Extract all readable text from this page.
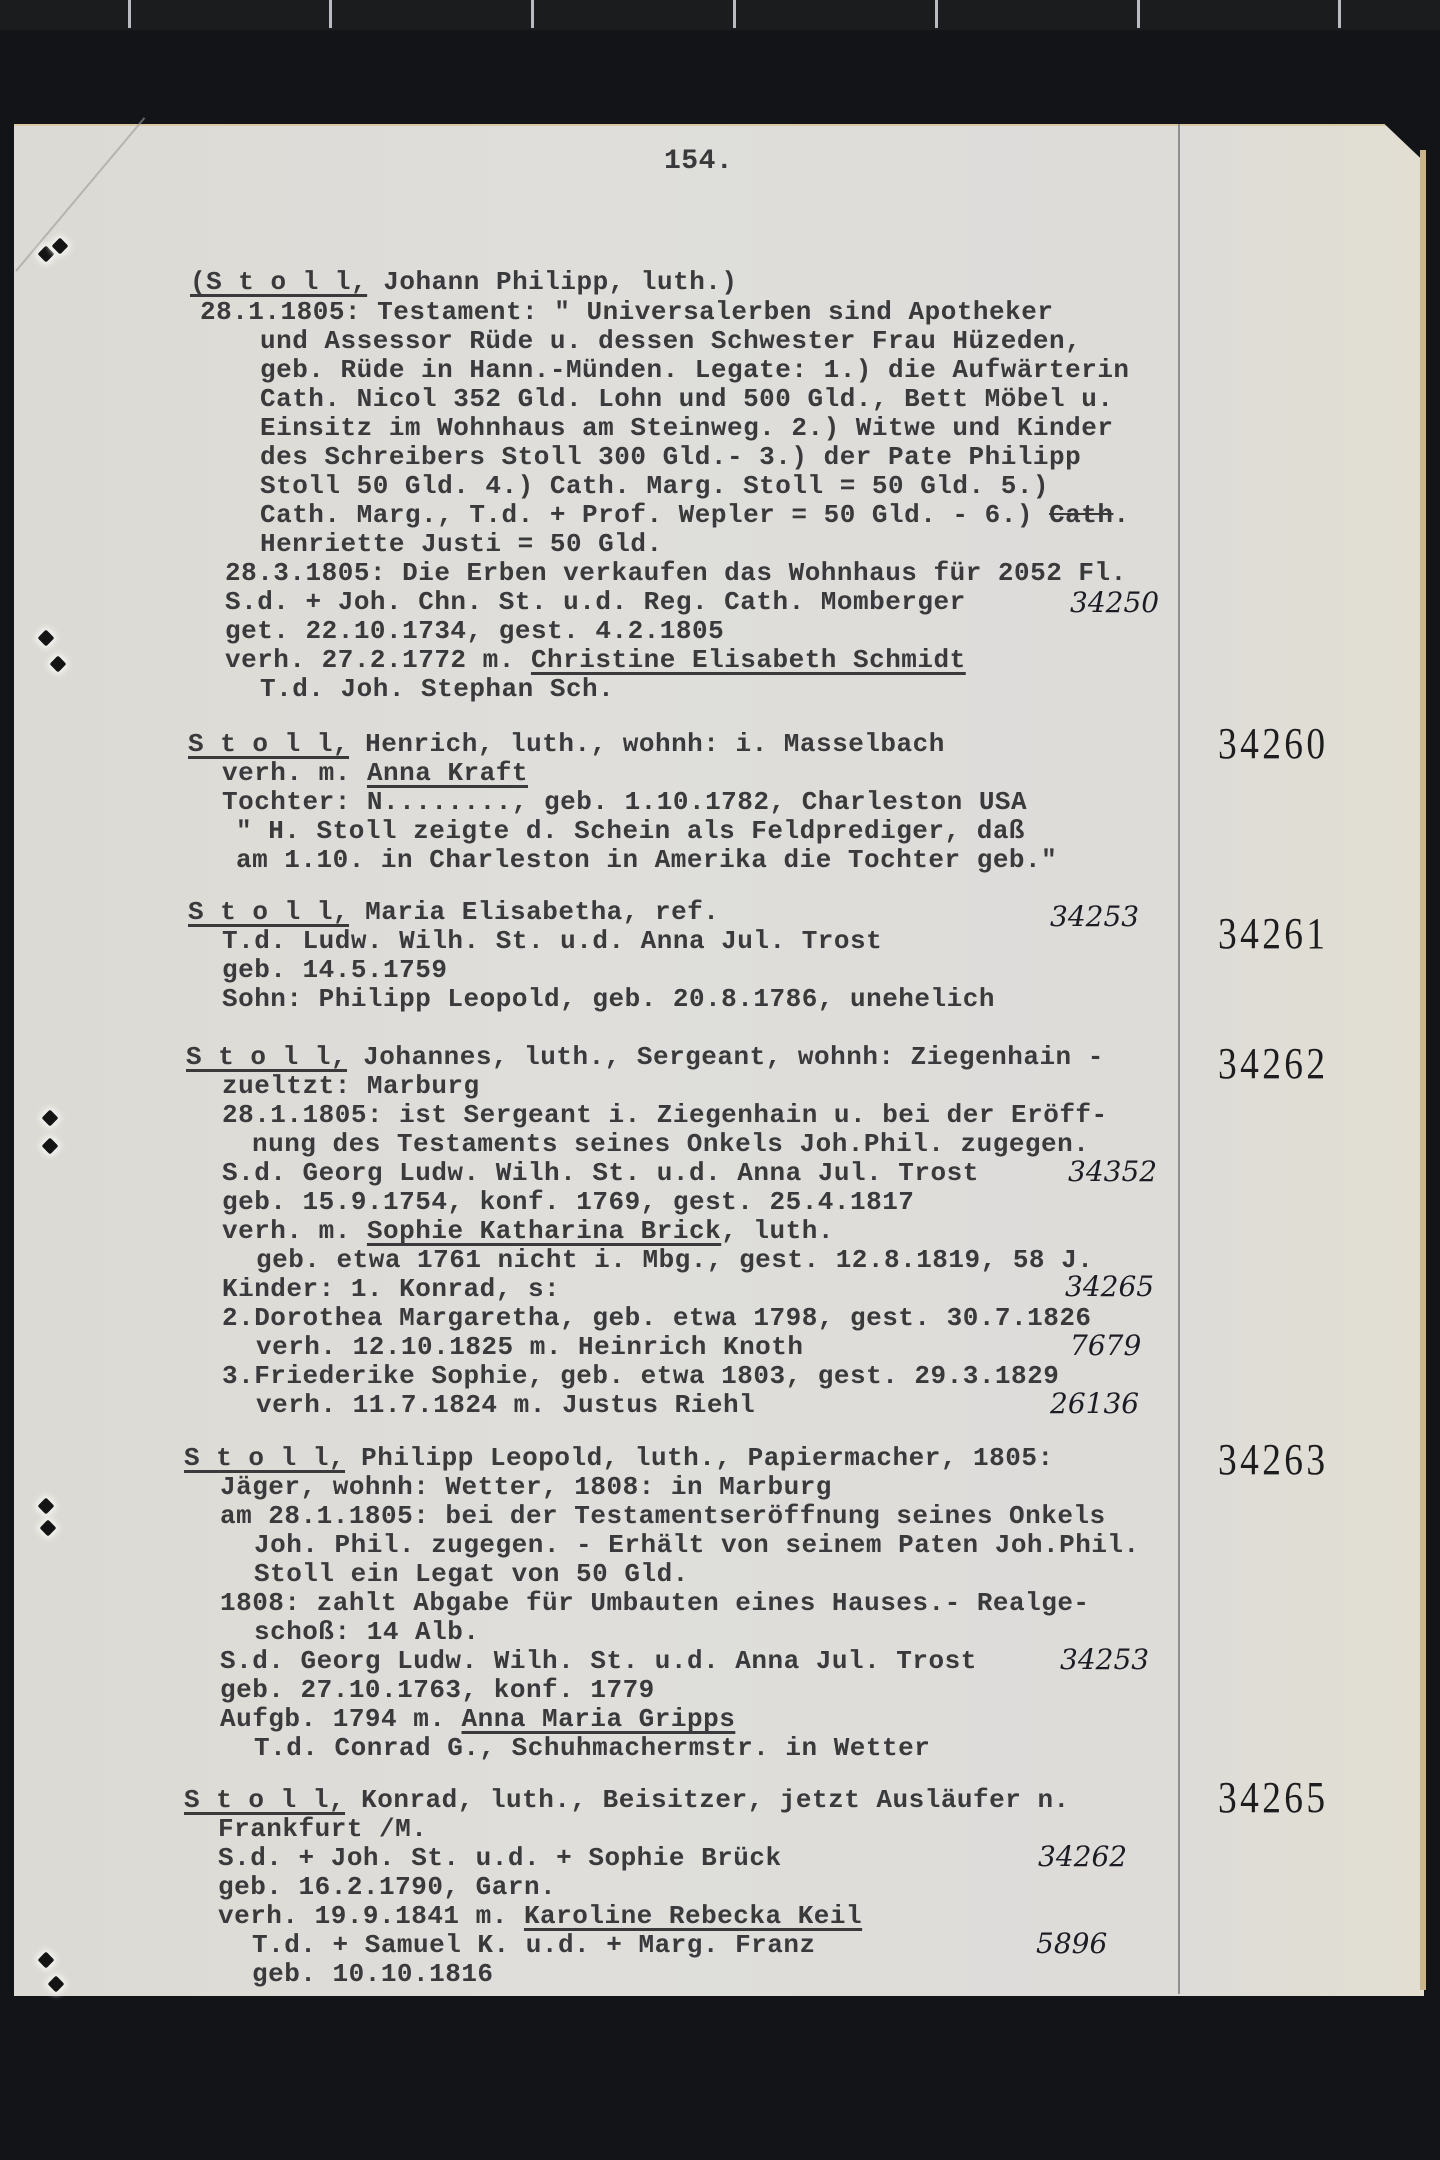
154.
(S t o l l, Johann Philipp, luth.)
28.1.1805: Testament: " Universalerben sind Apotheker
und Assessor Rüde u. dessen Schwester Frau Hüzeden,
geb. Rüde in Hann.-Münden. Legate: 1.) die Aufwärterin
Cath. Nicol 352 Gld. Lohn und 500 Gld., Bett Möbel u.
Einsitz im Wohnhaus am Steinweg. 2.) Witwe und Kinder
des Schreibers Stoll 300 Gld.- 3.) der Pate Philipp
Stoll 50 Gld. 4.) Cath. Marg. Stoll = 50 Gld. 5.)
Cath. Marg., T.d. + Prof. Wepler = 50 Gld. - 6.) Cath.
Henriette Justi = 50 Gld.
28.3.1805: Die Erben verkaufen das Wohnhaus für 2052 Fl.
S.d. + Joh. Chn. St. u.d. Reg. Cath. Momberger
get. 22.10.1734, gest. 4.2.1805
verh. 27.2.1772 m. Christine Elisabeth Schmidt
T.d. Joh. Stephan Sch.
34250
S t o l l, Henrich, luth., wohnh: i. Masselbach
verh. m. Anna Kraft
Tochter: N........, geb. 1.10.1782, Charleston USA
" H. Stoll zeigte d. Schein als Feldprediger, daß
am 1.10. in Charleston in Amerika die Tochter geb."
34260
S t o l l, Maria Elisabetha, ref.
T.d. Ludw. Wilh. St. u.d. Anna Jul. Trost
geb. 14.5.1759
Sohn: Philipp Leopold, geb. 20.8.1786, unehelich
34261
34253
S t o l l, Johannes, luth., Sergeant, wohnh: Ziegenhain -
zueltzt: Marburg
28.1.1805: ist Sergeant i. Ziegenhain u. bei der Eröff-
nung des Testaments seines Onkels Joh.Phil. zugegen.
S.d. Georg Ludw. Wilh. St. u.d. Anna Jul. Trost
geb. 15.9.1754, konf. 1769, gest. 25.4.1817
verh. m. Sophie Katharina Brick, luth.
geb. etwa 1761 nicht i. Mbg., gest. 12.8.1819, 58 J.
Kinder: 1. Konrad, s:
2.Dorothea Margaretha, geb. etwa 1798, gest. 30.7.1826
verh. 12.10.1825 m. Heinrich Knoth
3.Friederike Sophie, geb. etwa 1803, gest. 29.3.1829
verh. 11.7.1824 m. Justus Riehl
34262
34352
34265
7679
26136
S t o l l, Philipp Leopold, luth., Papiermacher, 1805:
Jäger, wohnh: Wetter, 1808: in Marburg
am 28.1.1805: bei der Testamentseröffnung seines Onkels
Joh. Phil. zugegen. - Erhält von seinem Paten Joh.Phil.
Stoll ein Legat von 50 Gld.
1808: zahlt Abgabe für Umbauten eines Hauses.- Realge-
schoß: 14 Alb.
S.d. Georg Ludw. Wilh. St. u.d. Anna Jul. Trost
geb. 27.10.1763, konf. 1779
Aufgb. 1794 m. Anna Maria Gripps
T.d. Conrad G., Schuhmachermstr. in Wetter
34263
34253
S t o l l, Konrad, luth., Beisitzer, jetzt Ausläufer n.
Frankfurt /M.
S.d. + Joh. St. u.d. + Sophie Brück
geb. 16.2.1790, Garn.
verh. 19.9.1841 m. Karoline Rebecka Keil
T.d. + Samuel K. u.d. + Marg. Franz
geb. 10.10.1816
34265
34262
5896
